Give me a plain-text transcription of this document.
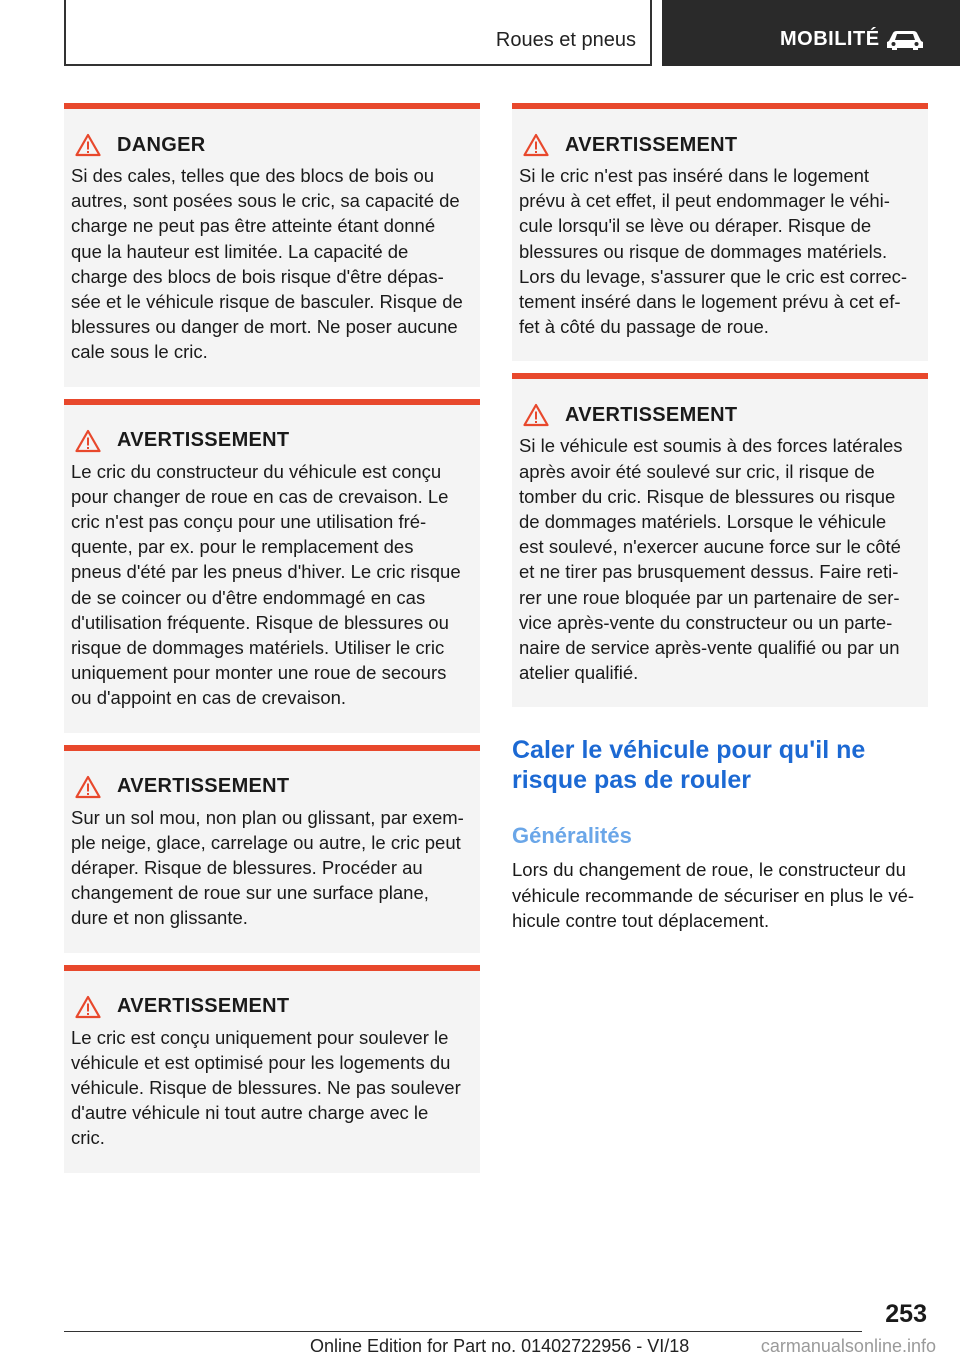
Roues et pneus	MOBILITÉ
DANGER
Si des cales, telles que des blocs de bois ou
autres, sont posées sous le cric, sa capacité de
charge ne peut pas être atteinte étant donné
que la hauteur est limitée. La capacité de
charge des blocs de bois risque d'être dépas-
sée et le véhicule risque de basculer. Risque de
blessures ou danger de mort. Ne poser aucune
cale sous le cric.
AVERTISSEMENT
Le cric du constructeur du véhicule est conçu
pour changer de roue en cas de crevaison. Le
cric n'est pas conçu pour une utilisation fré-
quente, par ex. pour le remplacement des
pneus d'été par les pneus d'hiver. Le cric risque
de se coincer ou d'être endommagé en cas
d'utilisation fréquente. Risque de blessures ou
risque de dommages matériels. Utiliser le cric
uniquement pour monter une roue de secours
ou d'appoint en cas de crevaison.
AVERTISSEMENT
Sur un sol mou, non plan ou glissant, par exem-
ple neige, glace, carrelage ou autre, le cric peut
déraper. Risque de blessures. Procéder au
changement de roue sur une surface plane,
dure et non glissante.
AVERTISSEMENT
Le cric est conçu uniquement pour soulever le
véhicule et est optimisé pour les logements du
véhicule. Risque de blessures. Ne pas soulever
d'autre véhicule ni tout autre charge avec le
cric.
AVERTISSEMENT
Si le cric n'est pas inséré dans le logement
prévu à cet effet, il peut endommager le véhi-
cule lorsqu'il se lève ou déraper. Risque de
blessures ou risque de dommages matériels.
Lors du levage, s'assurer que le cric est correc-
tement inséré dans le logement prévu à cet ef-
fet à côté du passage de roue.
AVERTISSEMENT
Si le véhicule est soumis à des forces latérales
après avoir été soulevé sur cric, il risque de
tomber du cric. Risque de blessures ou risque
de dommages matériels. Lorsque le véhicule
est soulevé, n'exercer aucune force sur le côté
et ne tirer pas brusquement dessus. Faire reti-
rer une roue bloquée par un partenaire de ser-
vice après-vente du constructeur ou un parte-
naire de service après-vente qualifié ou par un
atelier qualifié.
Caler le véhicule pour qu'il ne
risque pas de rouler
Généralités
Lors du changement de roue, le constructeur du
véhicule recommande de sécuriser en plus le vé-
hicule contre tout déplacement.
253
Online Edition for Part no. 01402722956 - VI/18	carmanualsonline.info
